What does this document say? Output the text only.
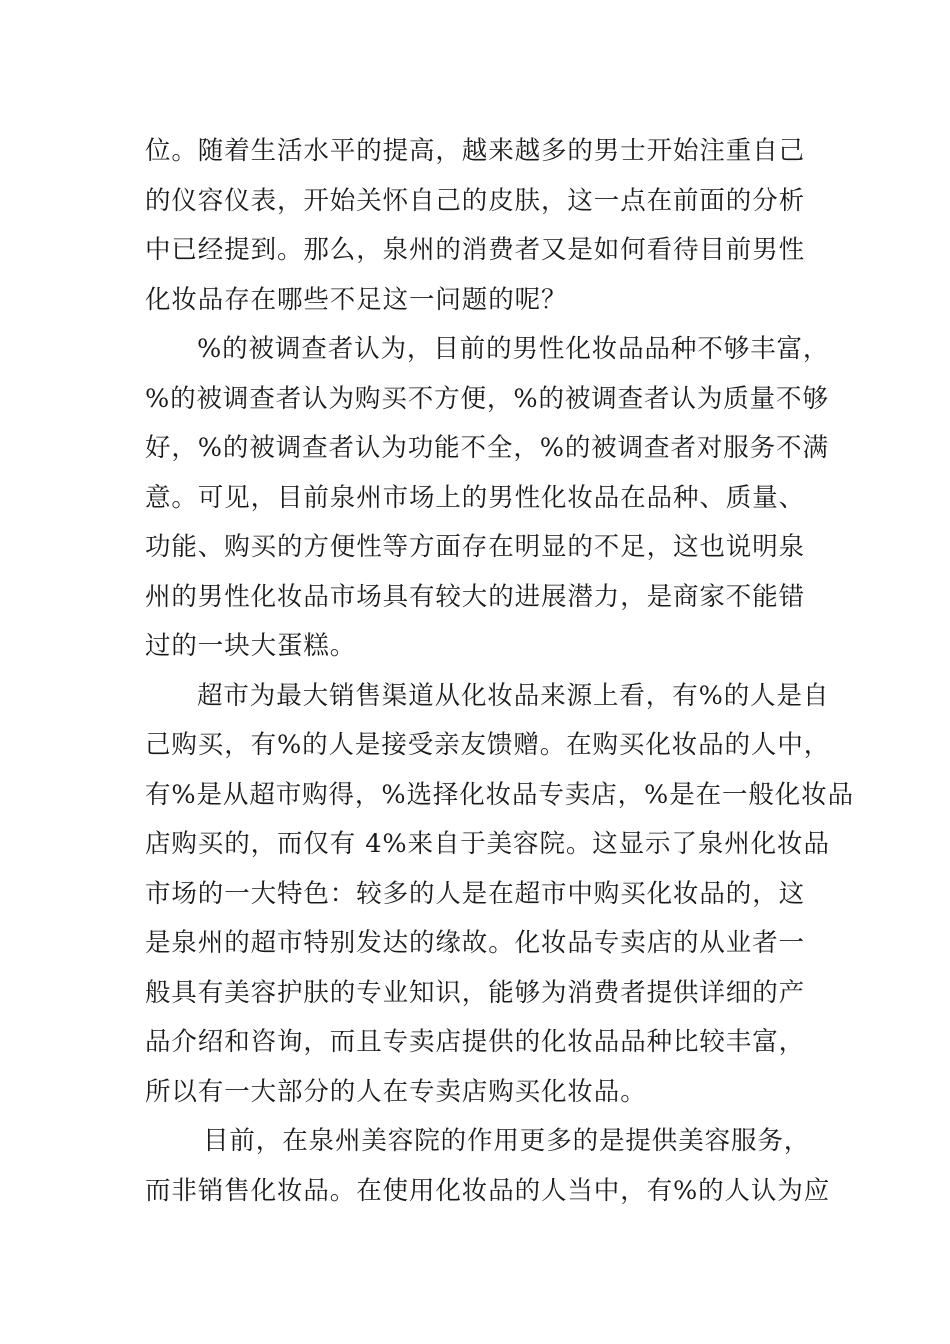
位。随着生活水平的提高，越来越多的男士开始注重自己
的仪容仪表，开始关怀自己的皮肤，这一点在前面的分析
中已经提到。那么，泉州的消费者又是如何看待目前男性
化妆品存在哪些不足这一问题的呢？
%的被调查者认为，目前的男性化妆品品种不够丰富，
%的被调查者认为购买不方便，%的被调查者认为质量不够
好，%的被调查者认为功能不全，%的被调查者对服务不满
意。可见，目前泉州市场上的男性化妆品在品种、质量、
功能、购买的方便性等方面存在明显的不足，这也说明泉
州的男性化妆品市场具有较大的进展潜力，是商家不能错
过的一块大蛋糕。
超市为最大销售渠道从化妆品来源上看，有%的人是自
己购买，有%的人是接受亲友馈赠。在购买化妆品的人中，
有%是从超市购得，%选择化妆品专卖店，%是在一般化妆品
店购买的，而仅有 4%来自于美容院。这显示了泉州化妆品
市场的一大特色：较多的人是在超市中购买化妆品的，这
是泉州的超市特别发达的缘故。化妆品专卖店的从业者一
般具有美容护肤的专业知识，能够为消费者提供详细的产
品介绍和咨询，而且专卖店提供的化妆品品种比较丰富，
所以有一大部分的人在专卖店购买化妆品。
目前，在泉州美容院的作用更多的是提供美容服务，
而非销售化妆品。在使用化妆品的人当中，有%的人认为应
